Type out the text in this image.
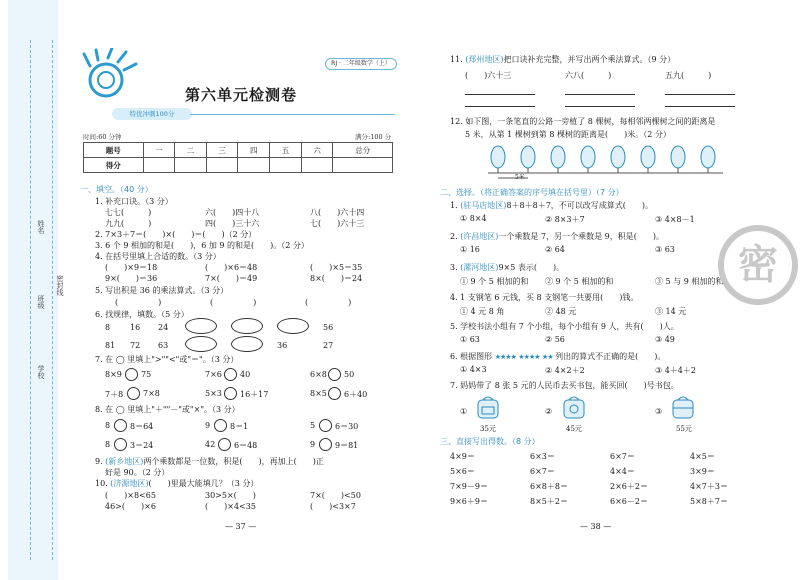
姓名
班级
学校
密封线
RJ · 二年级数学（上）
第六单元检测卷
特优冲刺100分
时间:60 分钟	满分:100 分
题号	一	二	三	四	五	六	总分
得分							
一、填空。（40 分）
1. 补充口诀。（3 分）
七七(　　　)	六(　　)四十八	八(　　)六十四
九九(　　　)	四(　　)三十六	七(　　)六十三
2. 7×3＋7＝(　　)×(　　)＝(　　)（2 分）
3. 6 个 9 相加的和是(　　)，6 加 9 的和是(　　)。（2 分）
4. 在括号里填上合适的数。（3 分）
(　　)×9＝18	(　　)×6＝48	(　　)×5＝35
9×(　　)＝36	7×(　　)＝49	8×(　　)＝24
5. 写出积是 36 的乘法算式。（3 分）
(　　　　　)	(　　　　　)	(　　　　　)
6. 找规律，填数。（5 分）
8 16 24	56
81 72 63	36	27
7. 在 ◯ 里填上">""<"或"＝"。（3 分）
8×9 75	7×6 40	6×8 50
7＋8 7×8	5×3 16＋17	8×5 6＋40
8. 在 ◯ 里填上"＋""－"或"×"。（3 分）
8 8＝64	9 8＝1	5 6＝30
8 3＝24	42 6＝48	9 9＝81
9. (新乡地区)两个乘数都是一位数，积是(　　)，再加上(　　)正
好是 90。（2 分）
10. (济源地区)(　　)里最大能填几？（3 分）
(　　)×8<65	30>5×(　　)	7×(　　)<50
46>(　　)×6	(　　)×4<35	(　　)<3×7
— 37 —
11. (郑州地区)把口诀补充完整，并写出两个乘法算式。（9 分）
(　　)六十三	六八(　　　)	五九(　　　)
12. 如下图，一条笔直的公路一旁植了 8 棵树，每相邻两棵树之间的距离是
5 米，从第 1 棵树到第 8 棵树的距离是(　　)米。（2 分）
5米
二、选择。（将正确答案的序号填在括号里）（7 分）
1. (驻马店地区)8＋8＋8＋7，不可以改写成算式(　　)。
① 8×4	② 8×3＋7	③ 4×8－1
2. (许昌地区)一个乘数是 7，另一个乘数是 9，积是(　　)。
① 16	② 64	③ 63
3. (漯河地区)9×5 表示(　　)。
① 9 个 5 相加的和 ② 9 个 5 相加的和	③ 5 与 9 相加的和
4. 1 支钢笔 6 元钱，买 8 支钢笔一共要用(　　)钱。
① 4 元 8 角	② 48 元	③ 14 元
5. 学校书法小组有 7 个小组，每个小组有 9 人，共有(　　)人。
① 63	② 56	③ 49
6. 根据图形 ★★★★ ★★★★ ★★ 列出的算式不正确的是(　　)。
① 4×3	② 4×2＋2	③ 4＋4＋2
7. 妈妈带了 8 张 5 元的人民币去买书包，能买回(　　)号书包。
①
35元
②
45元
③
55元
三、直接写出得数。（8 分）
4×9＝	6×3＝	6×7＝	4×5＝
5×6＝	6×7＝	4×4＝	3×9＝
7×9－9＝	6×8＋8＝	2×6＋2＝	4×7＋3＝
9×6＋9＝	8×5＋2＝	6×6－2＝	5×8＋7＝
— 38 —
密
